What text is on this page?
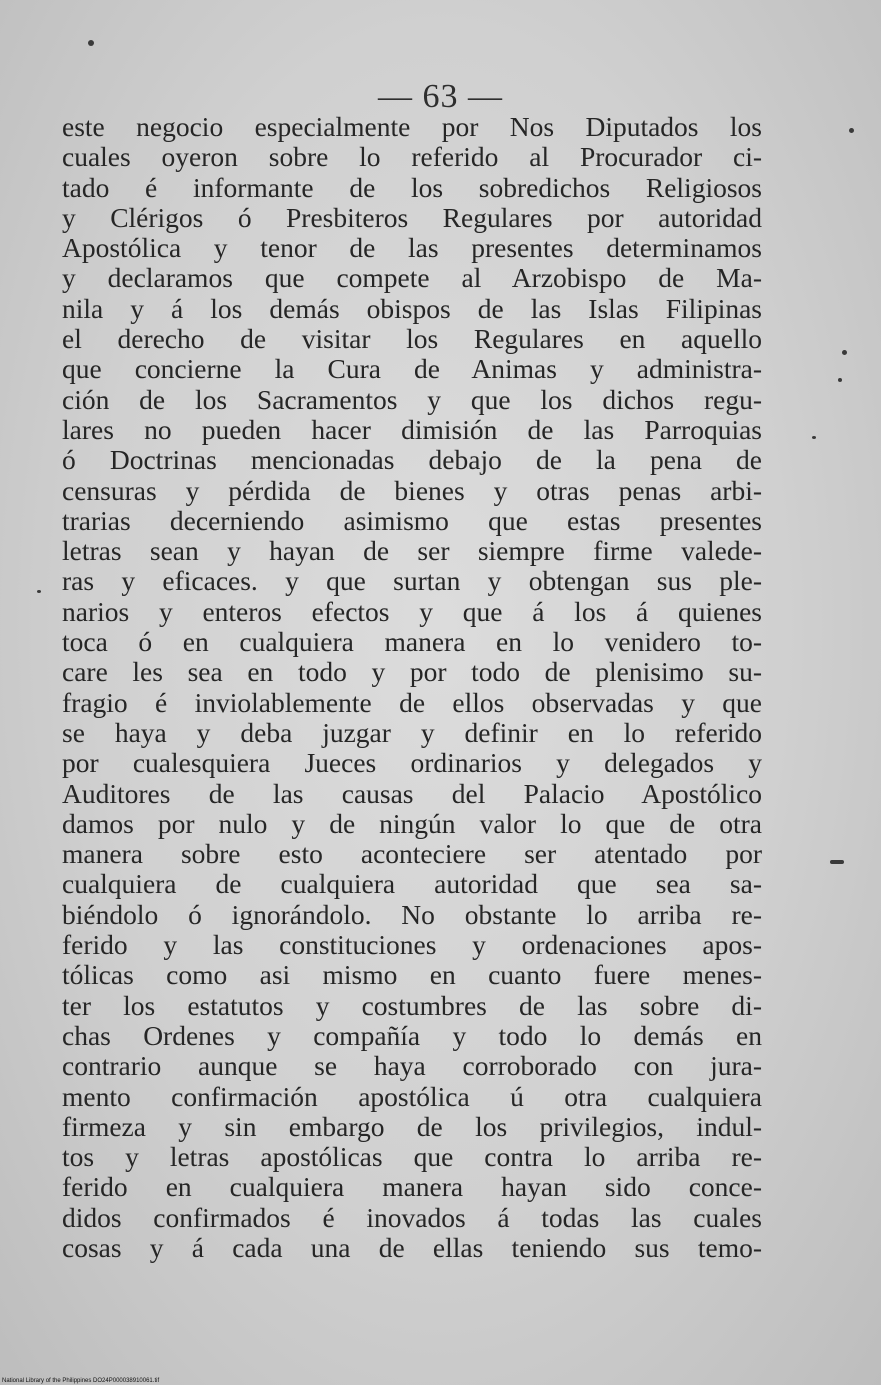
— 63 —
este negocio especialmente por Nos Diputados los
cuales oyeron sobre lo referido al Procurador ci-
tado é informante de los sobredichos Religiosos
y Clérigos ó Presbiteros Regulares por autoridad
Apostólica y tenor de las presentes determinamos
y declaramos que compete al Arzobispo de Ma-
nila y á los demás obispos de las Islas Filipinas
el derecho de visitar los Regulares en aquello
que concierne la Cura de Animas y administra-
ción de los Sacramentos y que los dichos regu-
lares no pueden hacer dimisión de las Parroquias
ó Doctrinas mencionadas debajo de la pena de
censuras y pérdida de bienes y otras penas arbi-
trarias decerniendo asimismo que estas presentes
letras sean y hayan de ser siempre firme valede-
ras y eficaces. y que surtan y obtengan sus ple-
narios y enteros efectos y que á los á quienes
toca ó en cualquiera manera en lo venidero to-
care les sea en todo y por todo de plenisimo su-
fragio é inviolablemente de ellos observadas y que
se haya y deba juzgar y definir en lo referido
por cualesquiera Jueces ordinarios y delegados y
Auditores de las causas del Palacio Apostólico
damos por nulo y de ningún valor lo que de otra
manera sobre esto aconteciere ser atentado por
cualquiera de cualquiera autoridad que sea sa-
biéndolo ó ignorándolo. No obstante lo arriba re-
ferido y las constituciones y ordenaciones apos-
tólicas como asi mismo en cuanto fuere menes-
ter los estatutos y costumbres de las sobre di-
chas Ordenes y compañía y todo lo demás en
contrario aunque se haya corroborado con jura-
mento confirmación apostólica ú otra cualquiera
firmeza y sin embargo de los privilegios, indul-
tos y letras apostólicas que contra lo arriba re-
ferido en cualquiera manera hayan sido conce-
didos confirmados é inovados á todas las cuales
cosas y á cada una de ellas teniendo sus temo-
National Library of the Philippines DO24P000038910061.tif
